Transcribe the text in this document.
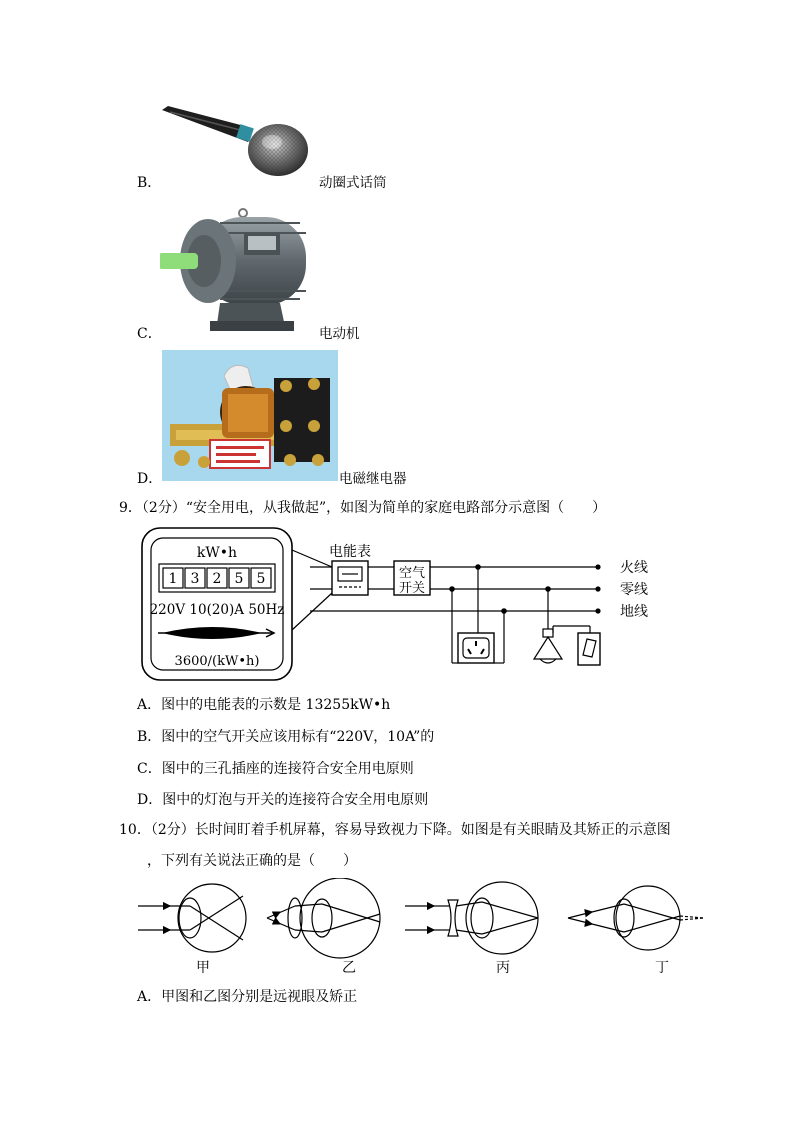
B．	动圈式话筒
C．	电动机
D．	电磁继电器
9．（2分）“安全用电，从我做起”，如图为简单的家庭电路部分示意图（　　）
kW•h
1 3 2 5 5
220V 10(20)A 50Hz
3600/(kW•h)
电能表
空气
开关
火线
零线
地线
A．图中的电能表的示数是 13255kW•h
B．图中的空气开关应该用标有“220V，10A”的
C．图中的三孔插座的连接符合安全用电原则
D．图中的灯泡与开关的连接符合安全用电原则
10．（2分）长时间盯着手机屏幕，容易导致视力下降。如图是有关眼睛及其矫正的示意图
，下列有关说法正确的是（　　）
甲	乙	丙	丁
A．甲图和乙图分别是远视眼及矫正
